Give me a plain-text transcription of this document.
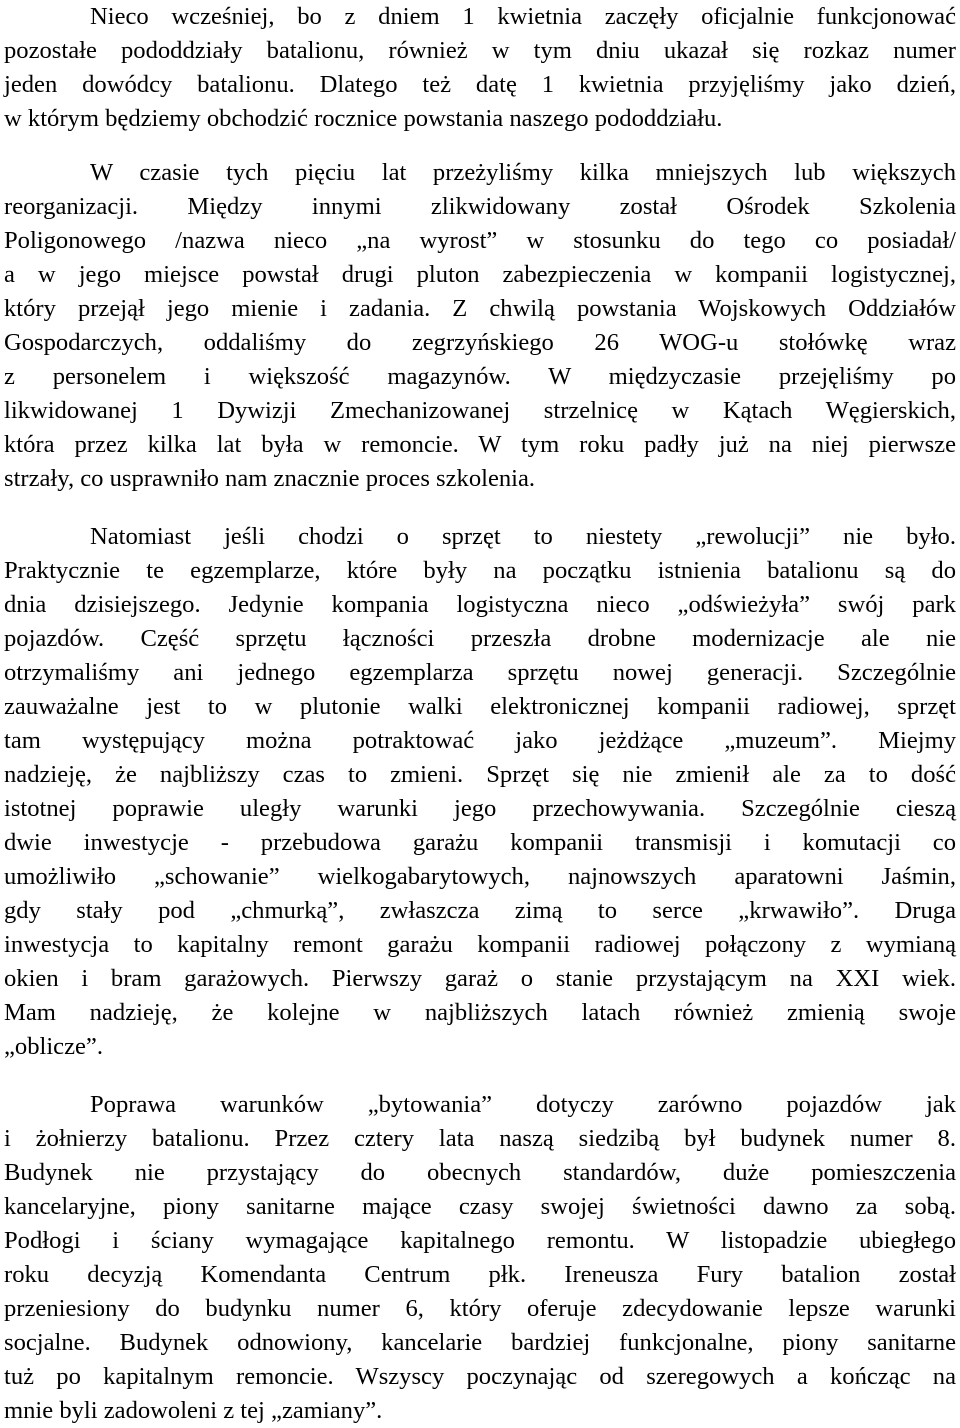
Nieco wcześniej, bo z dniem 1 kwietnia zaczęły oficjalnie funkcjonować
pozostałe pododdziały batalionu, również w tym dniu ukazał się rozkaz numer
jeden dowódcy batalionu. Dlatego też datę 1 kwietnia przyjęliśmy jako dzień,
w którym będziemy obchodzić rocznice powstania naszego pododdziału.
W czasie tych pięciu lat przeżyliśmy kilka mniejszych lub większych
reorganizacji. Między innymi zlikwidowany został Ośrodek Szkolenia
Poligonowego /nazwa nieco „na wyrost” w stosunku do tego co posiadał/
a w jego miejsce powstał drugi pluton zabezpieczenia w kompanii logistycznej,
który przejął jego mienie i zadania. Z chwilą powstania Wojskowych Oddziałów
Gospodarczych, oddaliśmy do zegrzyńskiego 26 WOG-u stołówkę wraz
z personelem i większość magazynów. W międzyczasie przejęliśmy po
likwidowanej 1 Dywizji Zmechanizowanej strzelnicę w Kątach Węgierskich,
która przez kilka lat była w remoncie. W tym roku padły już na niej pierwsze
strzały, co usprawniło nam znacznie proces szkolenia.
Natomiast jeśli chodzi o sprzęt to niestety „rewolucji” nie było.
Praktycznie te egzemplarze, które były na początku istnienia batalionu są do
dnia dzisiejszego. Jedynie kompania logistyczna nieco „odświeżyła” swój park
pojazdów. Część sprzętu łączności przeszła drobne modernizacje ale nie
otrzymaliśmy ani jednego egzemplarza sprzętu nowej generacji. Szczególnie
zauważalne jest to w plutonie walki elektronicznej kompanii radiowej, sprzęt
tam występujący można potraktować jako jeżdżące „muzeum”. Miejmy
nadzieję, że najbliższy czas to zmieni. Sprzęt się nie zmienił ale za to dość
istotnej poprawie uległy warunki jego przechowywania. Szczególnie cieszą
dwie inwestycje - przebudowa garażu kompanii transmisji i komutacji co
umożliwiło „schowanie” wielkogabarytowych, najnowszych aparatowni Jaśmin,
gdy stały pod „chmurką”, zwłaszcza zimą to serce „krwawiło”. Druga
inwestycja to kapitalny remont garażu kompanii radiowej połączony z wymianą
okien i bram garażowych. Pierwszy garaż o stanie przystającym na XXI wiek.
Mam nadzieję, że kolejne w najbliższych latach również zmienią swoje
„oblicze”.
Poprawa warunków „bytowania” dotyczy zarówno pojazdów jak
i żołnierzy batalionu. Przez cztery lata naszą siedzibą był budynek numer 8.
Budynek nie przystający do obecnych standardów, duże pomieszczenia
kancelaryjne, piony sanitarne mające czasy swojej świetności dawno za sobą.
Podłogi i ściany wymagające kapitalnego remontu. W listopadzie ubiegłego
roku decyzją Komendanta Centrum płk. Ireneusza Fury batalion został
przeniesiony do budynku numer 6, który oferuje zdecydowanie lepsze warunki
socjalne. Budynek odnowiony, kancelarie bardziej funkcjonalne, piony sanitarne
tuż po kapitalnym remoncie. Wszyscy poczynając od szeregowych a kończąc na
mnie byli zadowoleni z tej „zamiany”.
